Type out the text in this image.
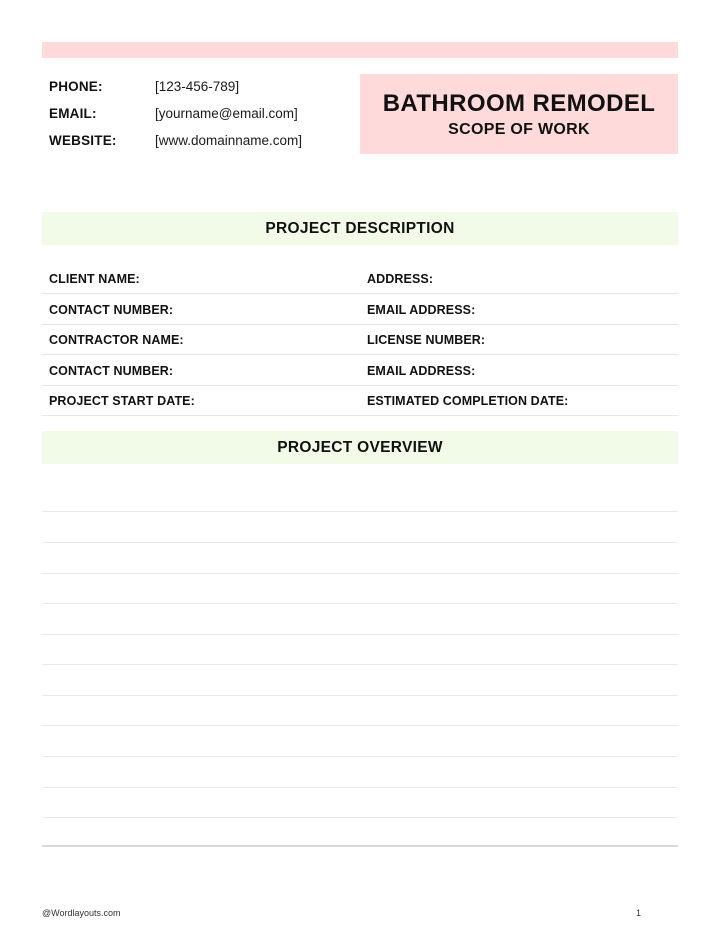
PHONE:	[123-456-789]
EMAIL:	[yourname@email.com]
WEBSITE:	[www.domainname.com]
BATHROOM REMODEL
SCOPE OF WORK
PROJECT DESCRIPTION
CLIENT NAME:	ADDRESS:
CONTACT NUMBER:	EMAIL ADDRESS:
CONTRACTOR NAME:	LICENSE NUMBER:
CONTACT NUMBER:	EMAIL ADDRESS:
PROJECT START DATE:	ESTIMATED COMPLETION DATE:
PROJECT OVERVIEW
@Wordlayouts.com	1
